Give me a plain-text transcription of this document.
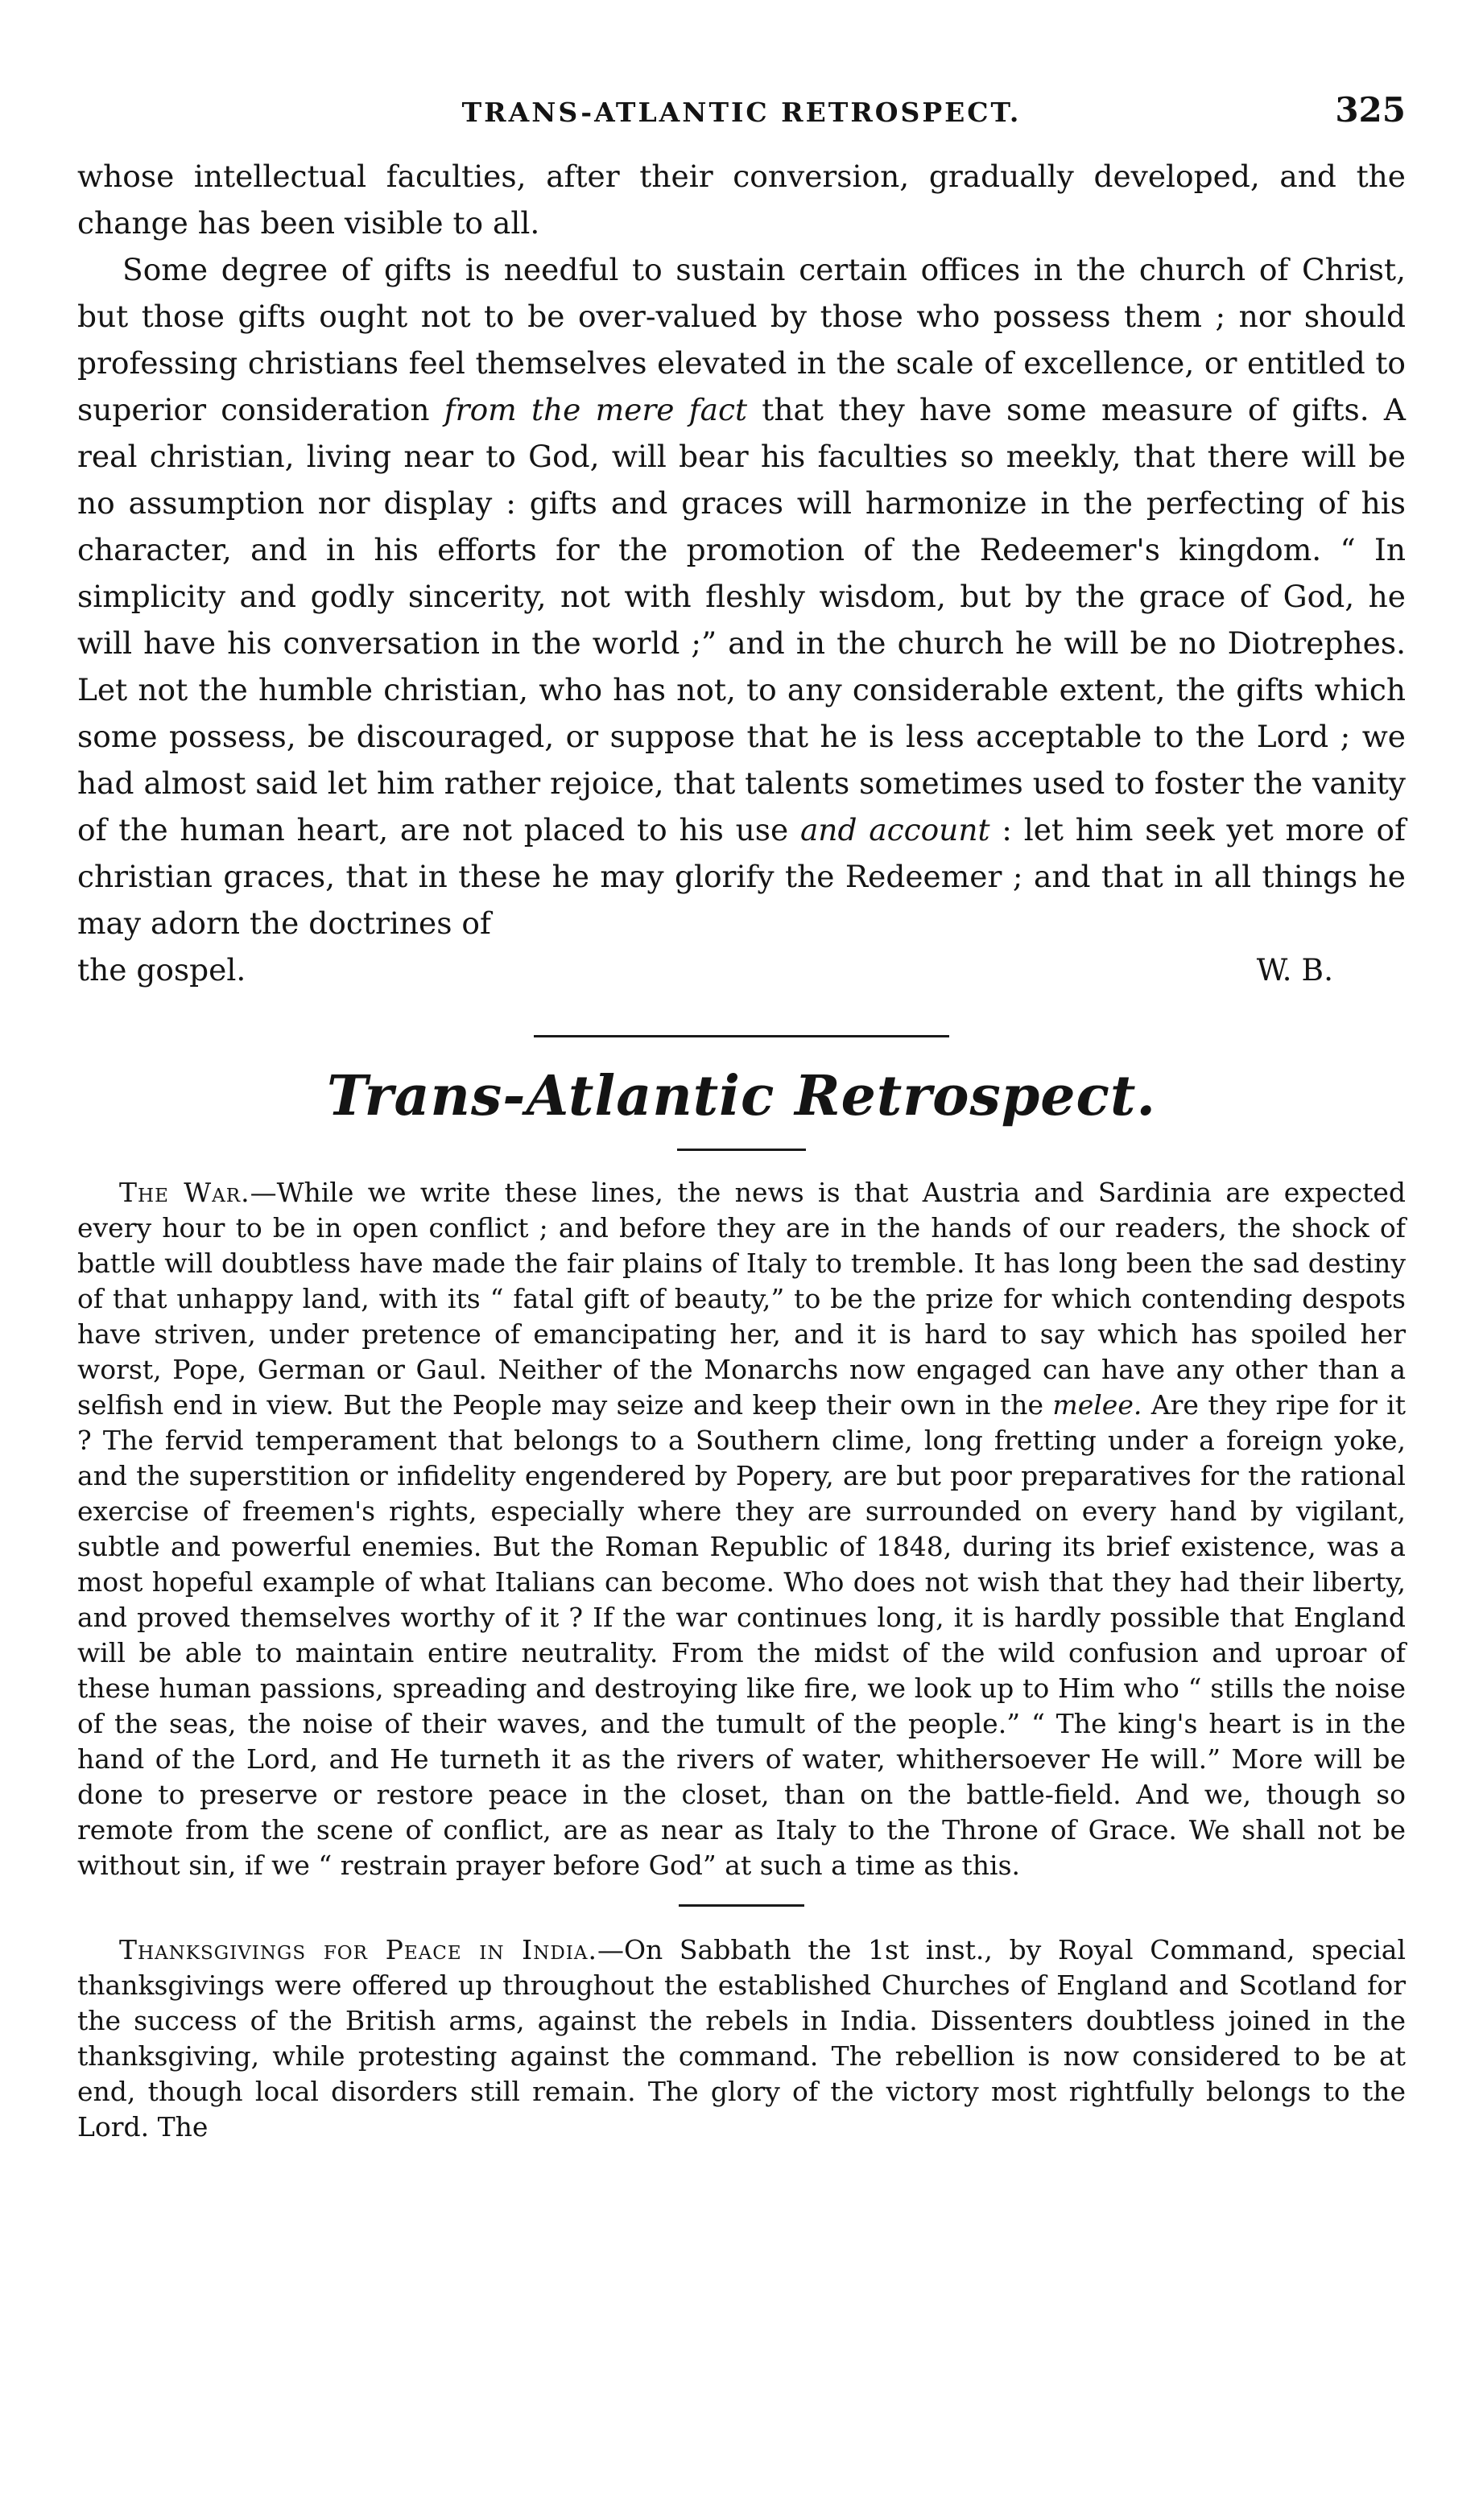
TRANS-ATLANTIC RETROSPECT.	325

whose intellectual faculties, after their conversion, gradually developed, and the change has been visible to all.

Some degree of gifts is needful to sustain certain offices in the church of Christ, but those gifts ought not to be over-valued by those who possess them ; nor should professing christians feel themselves elevated in the scale of excellence, or entitled to superior consideration from the mere fact that they have some measure of gifts. A real christian, living near to God, will bear his faculties so meekly, that there will be no assumption nor display : gifts and graces will harmonize in the perfecting of his character, and in his efforts for the promotion of the Redeemer's kingdom. “ In simplicity and godly sincerity, not with fleshly wisdom, but by the grace of God, he will have his conversation in the world ;” and in the church he will be no Diotrephes. Let not the humble christian, who has not, to any considerable extent, the gifts which some possess, be discouraged, or suppose that he is less acceptable to the Lord ; we had almost said let him rather rejoice, that talents sometimes used to foster the vanity of the human heart, are not placed to his use and account : let him seek yet more of christian graces, that in these he may glorify the Redeemer ; and that in all things he may adorn the doctrines of

the gospel.	W. B.
Trans-Atlantic Retrospect.

The War.—While we write these lines, the news is that Austria and Sardinia are expected every hour to be in open conflict ; and before they are in the hands of our readers, the shock of battle will doubtless have made the fair plains of Italy to tremble. It has long been the sad destiny of that unhappy land, with its “ fatal gift of beauty,” to be the prize for which contending despots have striven, under pretence of emancipating her, and it is hard to say which has spoiled her worst, Pope, German or Gaul. Neither of the Monarchs now engaged can have any other than a selfish end in view. But the People may seize and keep their own in the melee. Are they ripe for it ? The fervid temperament that belongs to a Southern clime, long fretting under a foreign yoke, and the superstition or infidelity engendered by Popery, are but poor preparatives for the rational exercise of freemen's rights, especially where they are surrounded on every hand by vigilant, subtle and powerful enemies. But the Roman Republic of 1848, during its brief existence, was a most hopeful example of what Italians can become. Who does not wish that they had their liberty, and proved themselves worthy of it ? If the war continues long, it is hardly possible that England will be able to maintain entire neutrality. From the midst of the wild confusion and uproar of these human passions, spreading and destroying like fire, we look up to Him who “ stills the noise of the seas, the noise of their waves, and the tumult of the people.” “ The king's heart is in the hand of the Lord, and He turneth it as the rivers of water, whithersoever He will.” More will be done to preserve or restore peace in the closet, than on the battle-field. And we, though so remote from the scene of conflict, are as near as Italy to the Throne of Grace. We shall not be without sin, if we “ restrain prayer before God” at such a time as this.

Thanksgivings for Peace in India.—On Sabbath the 1st inst., by Royal Command, special thanksgivings were offered up throughout the established Churches of England and Scotland for the success of the British arms, against the rebels in India. Dissenters doubtless joined in the thanksgiving, while protesting against the command. The rebellion is now considered to be at end, though local disorders still remain. The glory of the victory most rightfully belongs to the Lord. The
